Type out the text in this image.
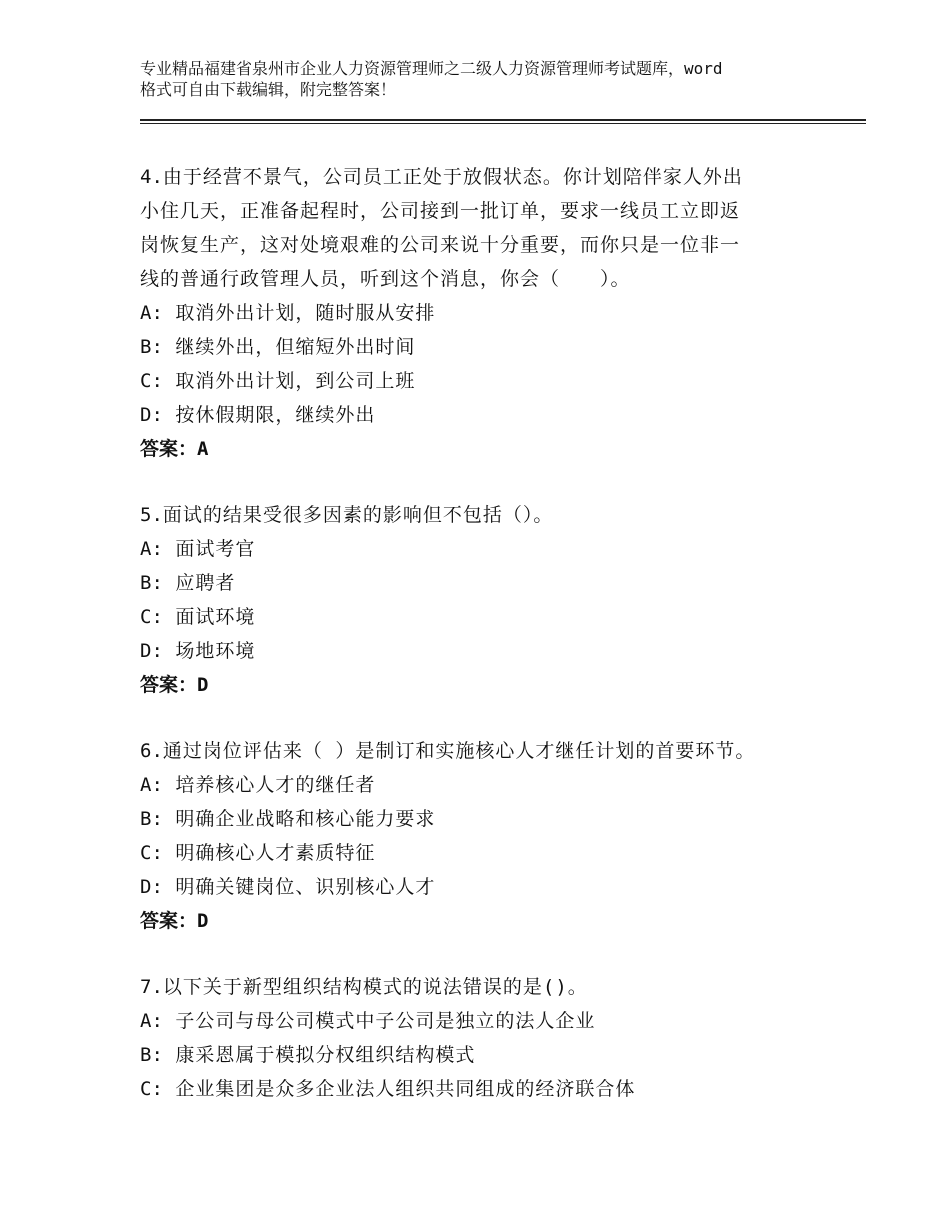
专业精品福建省泉州市企业人力资源管理师之二级人力资源管理师考试题库，word
格式可自由下载编辑，附完整答案！
4.由于经营不景气，公司员工正处于放假状态。你计划陪伴家人外出
小住几天，正准备起程时，公司接到一批订单，要求一线员工立即返
岗恢复生产，这对处境艰难的公司来说十分重要，而你只是一位非一
线的普通行政管理人员，听到这个消息，你会（　　）。
A: 取消外出计划，随时服从安排
B: 继续外出，但缩短外出时间
C: 取消外出计划，到公司上班
D: 按休假期限，继续外出
答案：A
5.面试的结果受很多因素的影响但不包括（）。
A: 面试考官
B: 应聘者
C: 面试环境
D: 场地环境
答案：D
6.通过岗位评估来（ ）是制订和实施核心人才继任计划的首要环节。
A: 培养核心人才的继任者
B: 明确企业战略和核心能力要求
C: 明确核心人才素质特征
D: 明确关键岗位、识别核心人才
答案：D
7.以下关于新型组织结构模式的说法错误的是()。
A: 子公司与母公司模式中子公司是独立的法人企业
B: 康采恩属于模拟分权组织结构模式
C: 企业集团是众多企业法人组织共同组成的经济联合体
